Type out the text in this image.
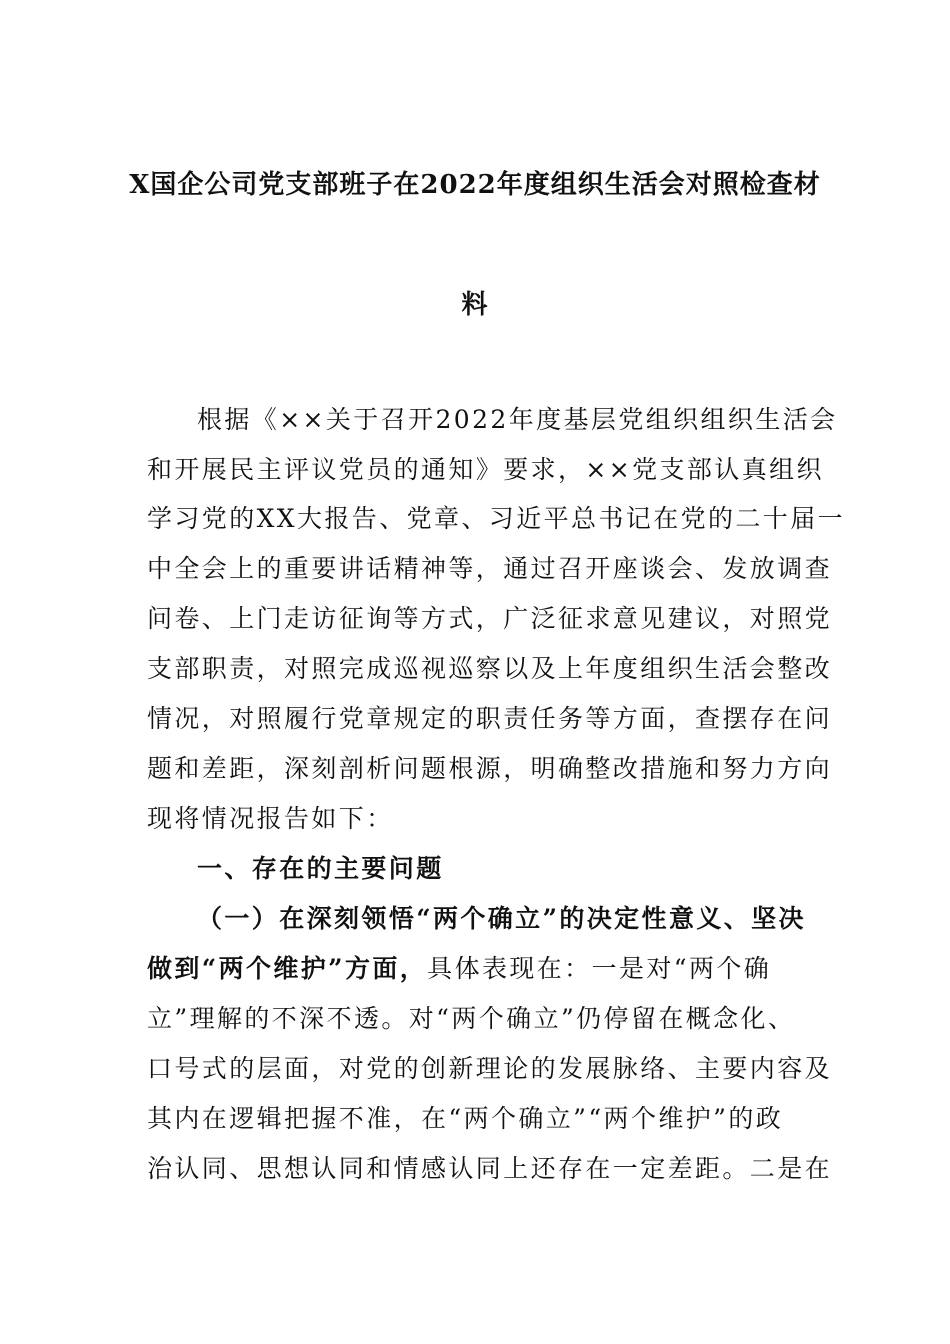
X国企公司党支部班子在2022年度组织生活会对照检查材
料
根据《××关于召开2022年度基层党组织组织生活会
和开展民主评议党员的通知》要求，××党支部认真组织
学习党的XX大报告、党章、习近平总书记在党的二十届一
中全会上的重要讲话精神等，通过召开座谈会、发放调查
问卷、上门走访征询等方式，广泛征求意见建议，对照党
支部职责，对照完成巡视巡察以及上年度组织生活会整改
情况，对照履行党章规定的职责任务等方面，查摆存在问
题和差距，深刻剖析问题根源，明确整改措施和努力方向
现将情况报告如下：
一、存在的主要问题
（一）在深刻领悟“两个确立”的决定性意义、坚决
做到“两个维护”方面，具体表现在：一是对“两个确
立”理解的不深不透。对“两个确立”仍停留在概念化、
口号式的层面，对党的创新理论的发展脉络、主要内容及
其内在逻辑把握不准，在“两个确立”“两个维护”的政
治认同、思想认同和情感认同上还存在一定差距。二是在
